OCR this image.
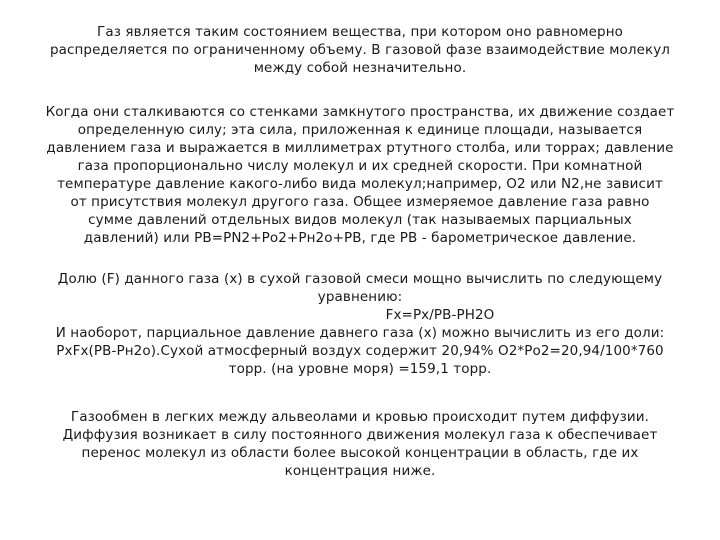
Газ является таким состоянием вещества, при котором оно равномерно
распределяется по ограниченному объему. В газовой фазе взаимодействие молекул
между собой незначительно.
Когда они сталкиваются со стенками замкнутого пространства, их движение создает
определенную силу; эта сила, приложенная к единице площади, называется
давлением газа и выражается в миллиметрах ртутного столба, или торрах; давление
газа пропорционально числу молекул и их средней скорости. При комнатной
температуре давление какого-либо вида молекул;например, О2 или N2,не зависит
от присутствия молекул другого газа. Общее измеряемое давление газа равно
сумме давлений отдельных видов молекул (так называемых парциальных
давлений) или РВ=РN2+Ро2+Рн2о+РВ, где РВ - барометрическое давление.
Долю (F) данного газа (х) в сухой газовой смеси мощно вычислить по следующему
уравнению:
Fx=Px/PB-PH2O
И наоборот, парциальное давление давнего газа (х) можно вычислить из его доли:
PxFx(PB-Pн2о).Сухой атмосферный воздух содержит 20,94% О2*Ро2=20,94/100*760
торр. (на уровне моря) =159,1 торр.
Газообмен в легких между альвеолами и кровью происходит путем диффузии.
Диффузия возникает в силу постоянного движения молекул газа к обеспечивает
перенос молекул из области более высокой концентрации в область, где их
концентрация ниже.
